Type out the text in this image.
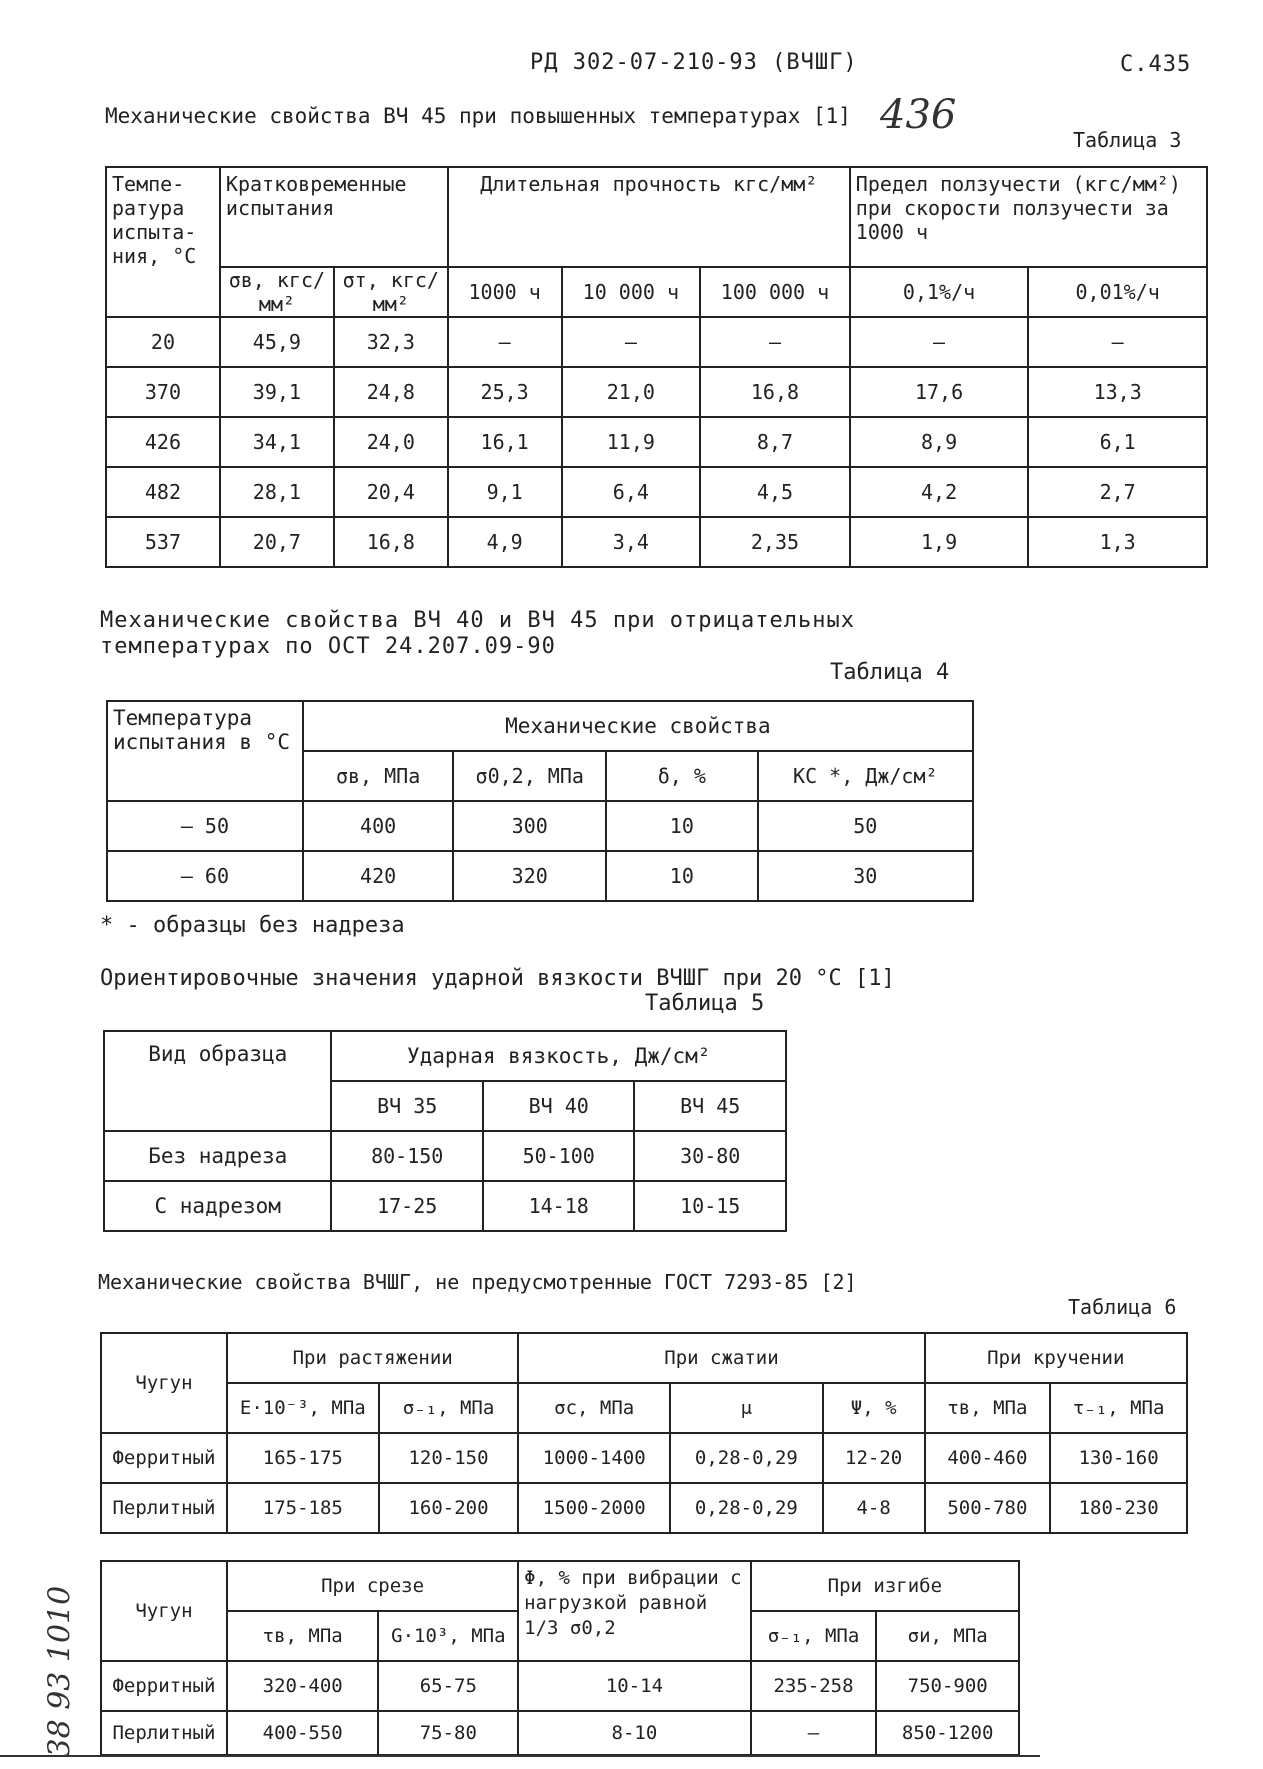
РД 302-07-210-93 (ВЧШГ)	С.435
Механические свойства ВЧ 45 при повышенных температурах [1] 436
Таблица 3
Темпе-ратура испыта-ния, °С	Кратковременные испытания		Длительная прочность кгс/мм²			Предел ползучести (кгс/мм²) при скорости ползучести за 1000 ч	
	σв, кгс/мм²	σт, кгс/мм²	1000 ч	10 000 ч	100 000 ч	0,1%/ч	0,01%/ч
20	45,9	32,3	–	–	–	–	–
370	39,1	24,8	25,3	21,0	16,8	17,6	13,3
426	34,1	24,0	16,1	11,9	8,7	8,9	6,1
482	28,1	20,4	9,1	6,4	4,5	4,2	2,7
537	20,7	16,8	4,9	3,4	2,35	1,9	1,3
Механические свойства ВЧ 40 и ВЧ 45 при отрицательных
температурах по ОСТ 24.207.09-90
Таблица 4
Температура испытания в °С	Механические свойства			
	σв, МПа	σ0,2, МПа	δ, %	КС *, Дж/см²
– 50	400	300	10	50
– 60	420	320	10	30
* - образцы без надреза
Ориентировочные значения ударной вязкости ВЧШГ при 20 °С [1]
Таблица 5
Вид образца	Ударная вязкость, Дж/см²		
	ВЧ 35	ВЧ 40	ВЧ 45
Без надреза	80-150	50-100	30-80
С надрезом	17-25	14-18	10-15
Механические свойства ВЧШГ, не предусмотренные ГОСТ 7293-85 [2]
Таблица 6
Чугун	При растяжении		При сжатии			При кручении	
	E·10⁻³, МПа	σ₋₁, МПа	σс, МПа	μ	Ψ, %	τв, МПа	τ₋₁, МПа
Ферритный	165-175	120-150	1000-1400	0,28-0,29	12-20	400-460	130-160
Перлитный	175-185	160-200	1500-2000	0,28-0,29	4-8	500-780	180-230
Чугун	При срезе		Φ, % при вибрации с нагрузкой равной 1/3 σ0,2	При изгибе	
	τв, МПа	G·10³, МПа		σ₋₁, МПа	σи, МПа
Ферритный	320-400	65-75	10-14	235-258	750-900
Перлитный	400-550	75-80	8-10	–	850-1200
38 93 1010
